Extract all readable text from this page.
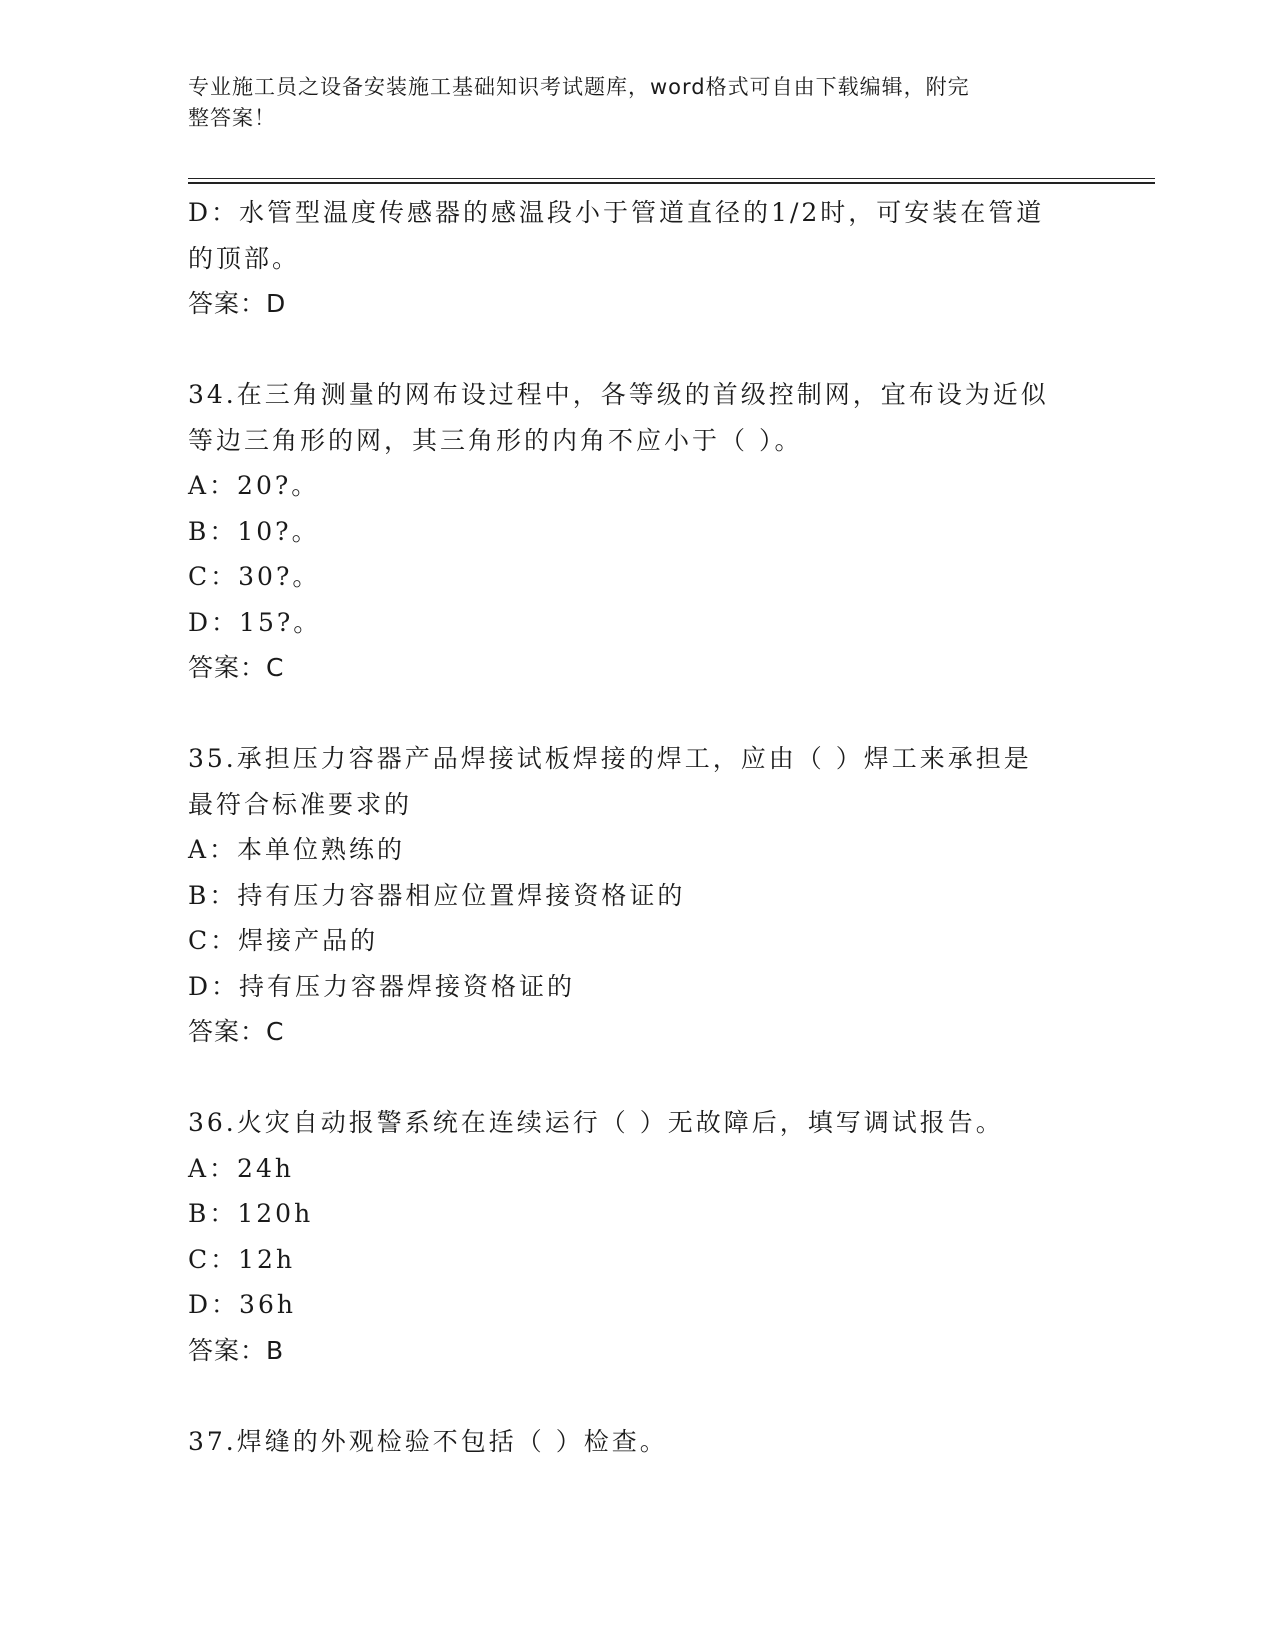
专业施工员之设备安装施工基础知识考试题库，word格式可自由下载编辑，附完
整答案！
D：水管型温度传感器的感温段小于管道直径的1/2时，可安装在管道
的顶部。
答案：D
34.在三角测量的网布设过程中，各等级的首级控制网，宜布设为近似
等边三角形的网，其三角形的内角不应小于（ ）。
A：20?。
B：10?。
C：30?。
D：15?。
答案：C
35.承担压力容器产品焊接试板焊接的焊工，应由（ ）焊工来承担是
最符合标准要求的
A：本单位熟练的
B：持有压力容器相应位置焊接资格证的
C：焊接产品的
D：持有压力容器焊接资格证的
答案：C
36.火灾自动报警系统在连续运行（ ）无故障后，填写调试报告。
A：24h
B：120h
C：12h
D：36h
答案：B
37.焊缝的外观检验不包括（ ）检查。
